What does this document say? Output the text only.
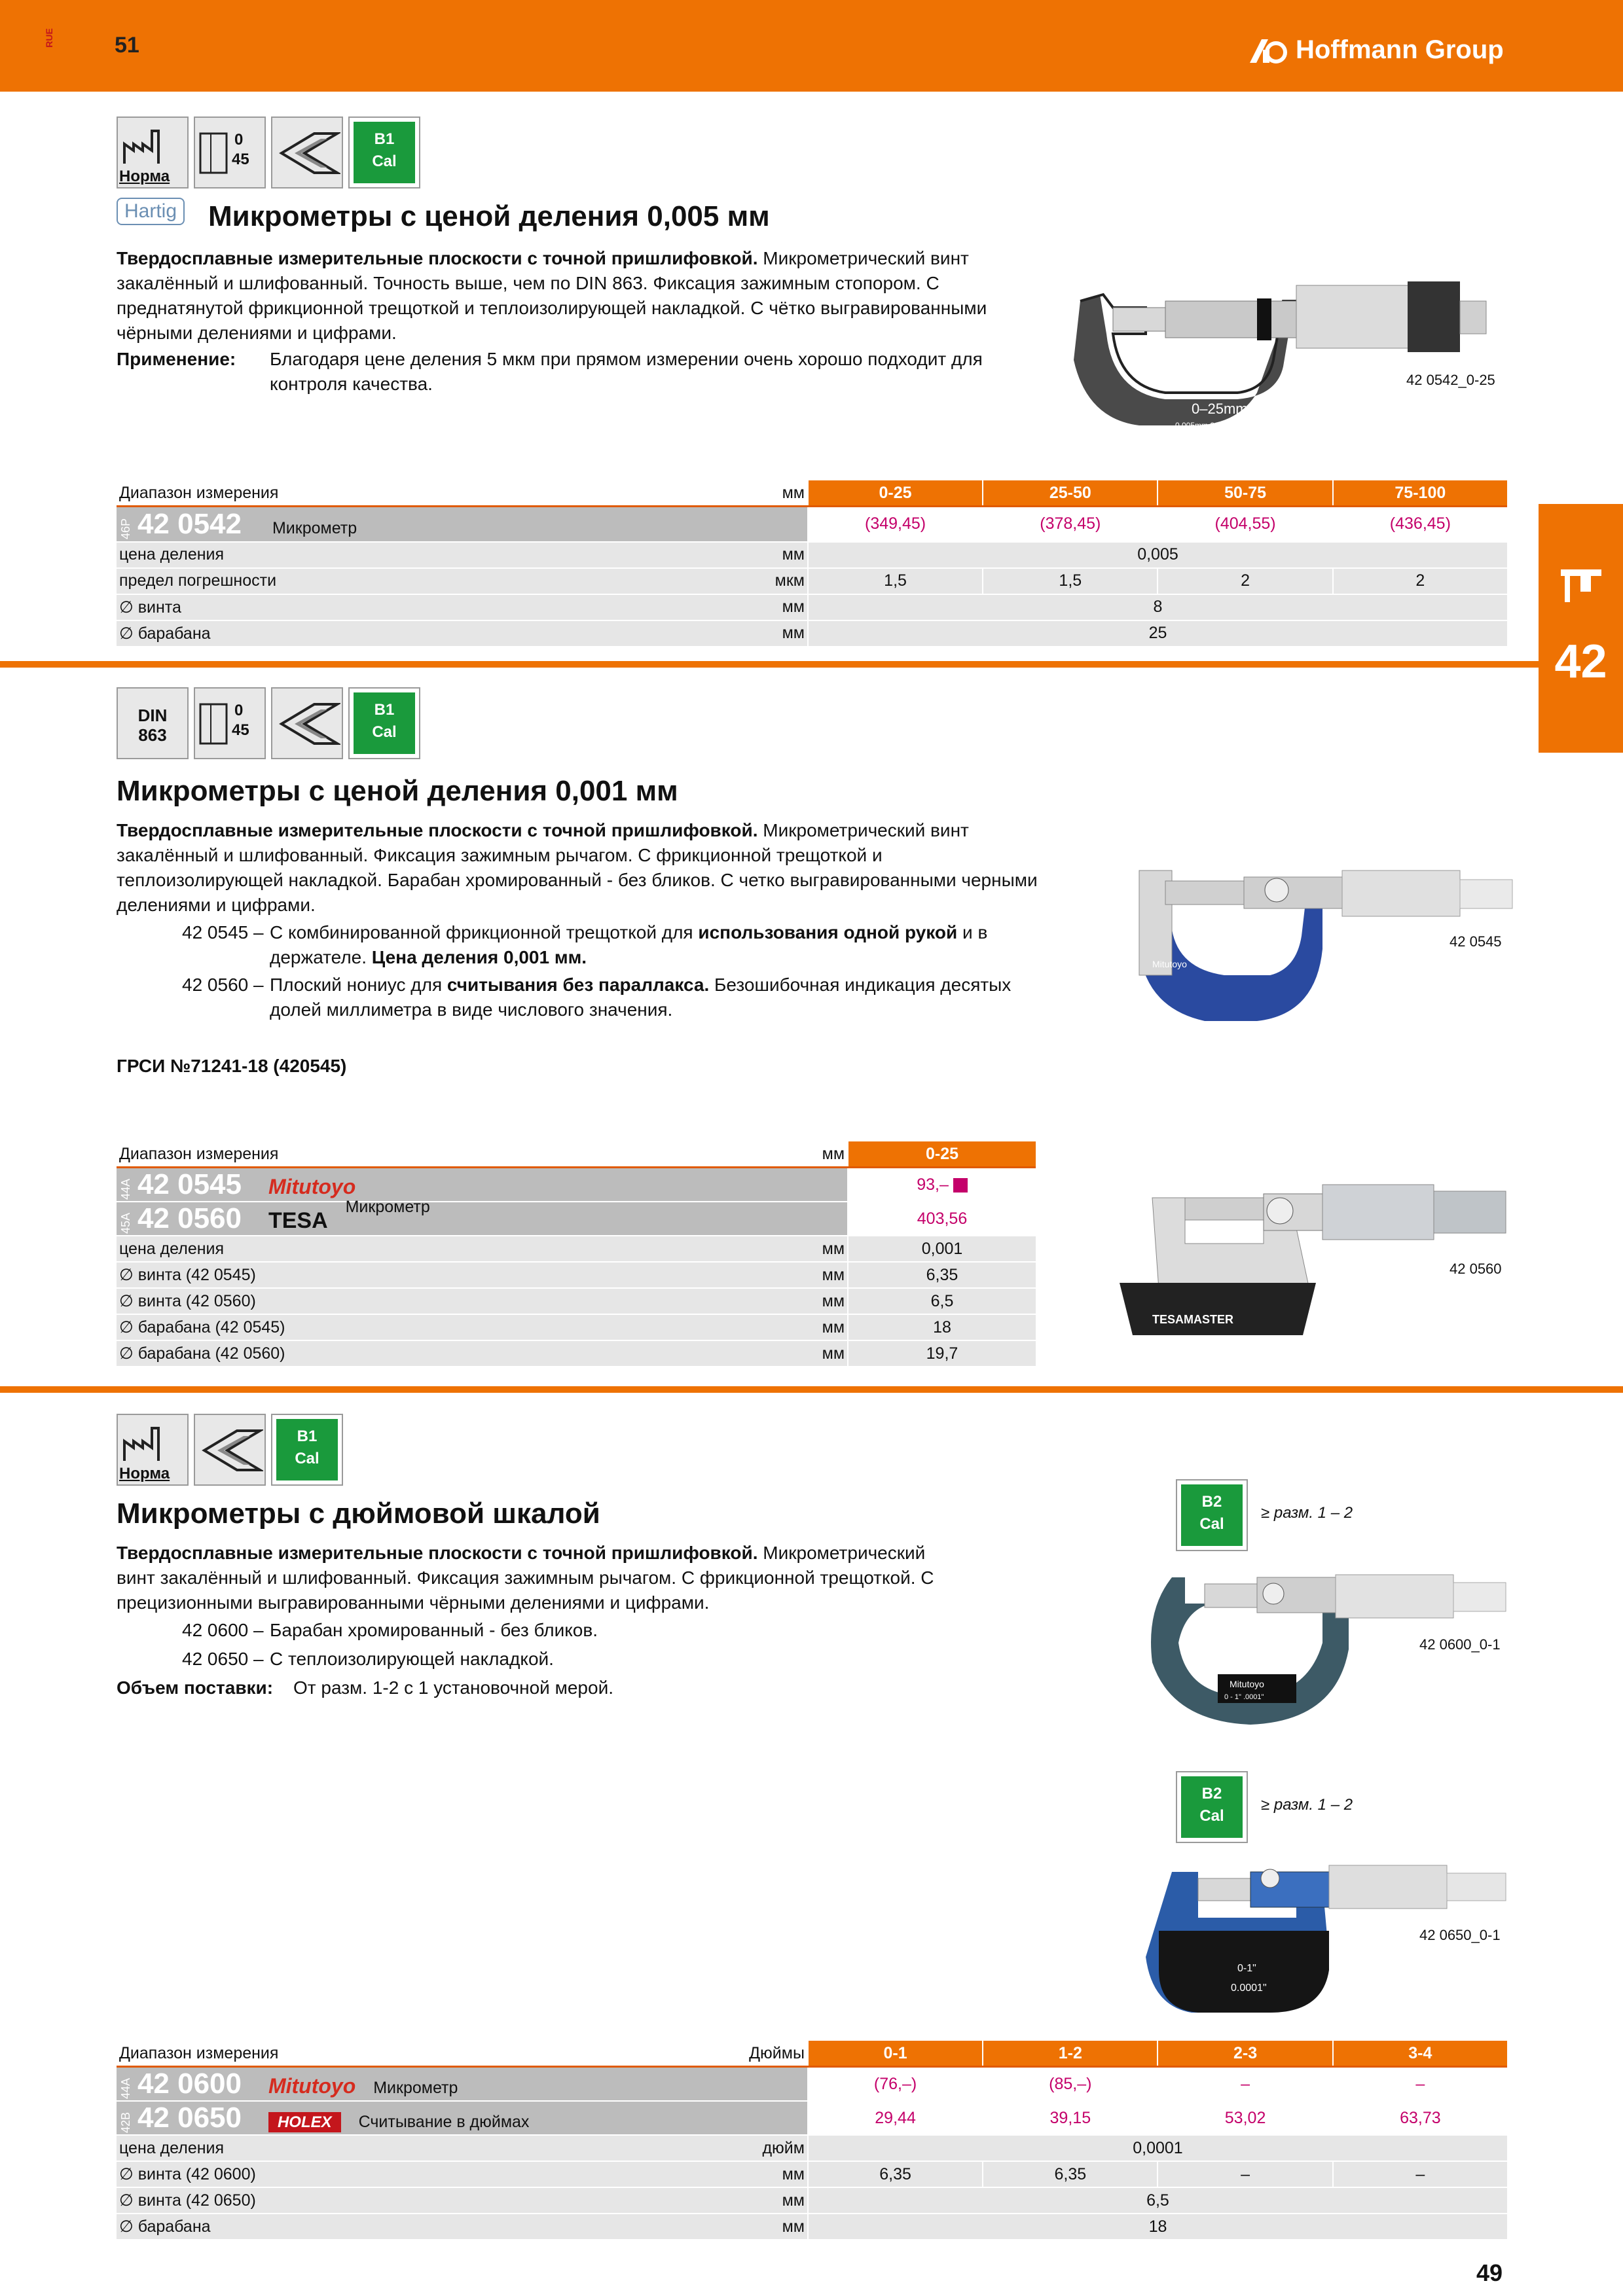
RUE	51	Hoffmann Group
42
Норма
0
45
B1
Cal
Hartig Микрометры с ценой деления 0,005 мм
Твердосплавные измерительные плоскости с точной пришлифовкой. Микрометрический винт закалённый и шлифованный. Точность выше, чем по DIN 863. Фиксация зажимным стопором. С преднатянутой фрикционной трещоткой и теплоизолирующей накладкой. С чётко выгравированными чёрными делениями и цифрами.
Применение: Благодаря цене деления 5 мкм при прямом измерении очень хорошо подходит для контроля качества.
0–25mm
0,005mm 20°C
42 0542_0-25
Диапазон измерения	мм	0-25	25-50	50-75	75-100
46P 42 0542 Микрометр		(349,45)	(378,45)	(404,55)	(436,45)
цена деления	мм	0,005			
предел погрешности	мкм	1,5	1,5	2	2
∅ винта	мм	8			
∅ барабана	мм	25			
DIN
863
0
45
B1
Cal
Микрометры с ценой деления 0,001 мм
Твердосплавные измерительные плоскости с точной пришлифовкой. Микрометрический винт закалённый и шлифованный. Фиксация зажимным рычагом. С фрикционной трещоткой и теплоизолирующей накладкой. Барабан хромированный - без бликов. С четко выгравированными черными делениями и цифрами.
42 0545 – С комбинированной фрикционной трещоткой для использования одной рукой и в держателе. Цена деления 0,001 мм.
42 0560 – Плоский нониус для считывания без параллакса. Безошибочная индикация десятых долей миллиметра в виде числового значения.
ГРСИ №71241-18 (420545)
Mitutoyo
42 0545
TESAMASTER
42 0560
Диапазон измерения	мм	0-25
44A 42 0545 Mitutoyo		93,–
45A 42 0560 TESA Микрометр		403,56
цена деления	мм	0,001
∅ винта (42 0545)	мм	6,35
∅ винта (42 0560)	мм	6,5
∅ барабана (42 0545)	мм	18
∅ барабана (42 0560)	мм	19,7
Норма
B1
Cal
Микрометры с дюймовой шкалой
Твердосплавные измерительные плоскости с точной пришлифовкой. Микрометрический винт закалённый и шлифованный. Фиксация зажимным рычагом. С фрикционной трещоткой. С прецизионными выгравированными чёрными делениями и цифрами.
42 0600 – Барабан хромированный - без бликов.
42 0650 – С теплоизолирующей накладкой.
Объем поставки: От разм. 1-2 с 1 установочной мерой.
B2
Cal
≥ разм. 1 – 2
Mitutoyo
0 - 1" .0001"
42 0600_0-1
B2
Cal
≥ разм. 1 – 2
0-1"
0.0001"
42 0650_0-1
Диапазон измерения	Дюймы	0-1	1-2	2-3	3-4
44A 42 0600 Mitutoyo Микрометр		(76,–)	(85,–)	–	–
42B 42 0650 HOLEX Считывание в дюймах		29,44	39,15	53,02	63,73
цена деления	дюйм	0,0001			
∅ винта (42 0600)	мм	6,35	6,35	–	–
∅ винта (42 0650)	мм	6,5			
∅ барабана	мм	18			
49
